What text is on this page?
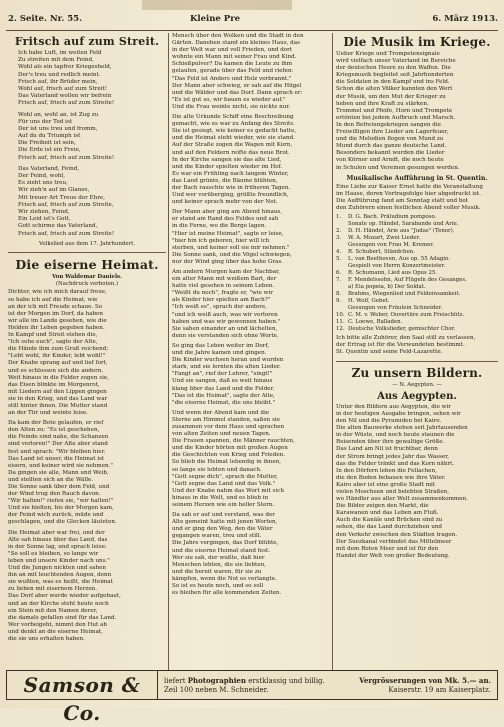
2. Seite. Nr. 55.	Kleine Pre	6. März 1913.
Fritsch auf zum Streit.
Ich habe Luft, im weiten Feld
Zu streiten mit dem Feind,
Wohl als ein tapfrer Kriegesheld,
Der's treu und redlich meint.
Frisch auf, ihr Brüder mein,
Wohl auf, frisch auf zum Streit!
Das Vaterland wollen wir befrein
Frisch auf, frisch auf zum Streite!
Wohl an, wohl an, ist Zug zu
Für uns der Tod ist
Der ist uns treu und fromm,
Auf du du Triumph ist
Die Freiheit ist sein,
Die Erde ist ein Freie,
Frisch auf, frisch auf zum Streite!
Das Vaterland, Feind,
Der Feind, wohl,
Es zieht uns treu,
Wir zieh'n auf im Glanze,
Mit treuer Art Treue der Ehre,
Frisch auf, frisch auf zum Streite,
Wir ziehen, Feind,
Ein Leid ist's Gott,
Gott schirme das Vaterland,
Frisch auf, frisch auf zum Streite!
Volkslied aus dem 17. Jahrhundert.
Die eiserne Heimat.
Von Waldemar Daniels.
(Nachdruck verboten.)
Dichter, wie ich mich darauf freue,
so habe ich auf die Heimat, wie
an der ich mit Freude schaue. So
ist der Morgen im Dorf, da haben
wir alle im Lande gesehen, wie die
Helden ihr Leben gegeben haben.
In Kampf und Streit stehen die,
"Ich sehe euch", sagte der Alte,
die Hände ihm zum Gruß reichend;
"Lebt wohl, ihr Kinder, lebt wohl!"
Der Knabe sprang auf und lief fort,
und es schlossen sich die andern.
Weit hinaus in die Felder zogen sie,
das Eisen blinkte im Morgenrot,
mit Liedern auf den Lippen gingen
sie in den Krieg, und das Land war
still hinter ihnen. Die Mutter stand
an der Tür und weinte leise.
Da kam der Bote gelaufen, er rief
den Alten zu: "Es ist geschehen,
die Feinde sind nahe, die Schanzen
sind verloren!" Der Alte aber stand
fest und sprach: "Wir bleiben hier.
Das Land ist unser, die Heimat ist
eisern, und keiner wird sie nehmen."
Da gingen sie alle, Mann und Weib,
und stellten sich an die Wälle.
Die Sonne sank über dem Feld, und
der Wind trug den Rauch davon.
"Wir halten!" riefen sie, "wir halten!"
Und sie hielten, bis der Morgen kam,
der Feind wich zurück, müde und
geschlagen, und die Glocken läuteten.
Die Heimat aber war frei, und der
Alte sah hinaus über das Land, das
in der Sonne lag, und sprach leise:
"So soll es bleiben, so lange wir
leben und unsere Kinder nach uns."
Und die Jungen nickten und sahen
ihn an mit leuchtenden Augen, denn
sie wußten, was es heißt, die Heimat
zu lieben mit eisernem Herzen.
Das Dorf aber wurde wieder aufgebaut,
und an der Kirche steht heute noch
ein Stein mit den Namen derer,
die damals gefallen sind für das Land.
Wer vorbeigeht, nimmt den Hut ab
und denkt an die eiserne Heimat,
die sie uns erhalten haben.
Mensch über den Wolken und die Stadt in den
Gärten. Daneben stand ein kleines Haus, das
in der Welt war und voll Frieden, und dort
wohnte ein Mann mit seiner Frau und Kind.
Schießpulver? Da kamen die Leute zu ihm
gelaufen, gerade über das Feld und riefen:
"Das Feld ist Anders und Holz verbrannt."
Der Mann aber schwieg, er sah auf die Hügel
und die Wälder und das Dorf. Dann sprach er:
"Es ist gut so, wir bauen es wieder auf."
Und die Frau weinte nicht, sie nickte nur.
Die alte Urkunde Schiff eine Beschreibung
gemacht, wie es war zu Anfang des Streits.
Sie ist gesiegt, wie keiner es gedacht hatte,
und die Heimat steht wieder, wie sie stand.
Auf der Straße zogen die Wagen mit Korn,
und auf den Feldern reifte das neue Brot.
In der Kirche sangen sie das alte Lied,
und die Kinder spielten wieder im Hof.
Es war ein Frühling nach langem Winter,
das Land grünte, die Bäume blühten,
der Bach rauschte wie in früheren Tagen.
Und wer vorüberging, grüßte freundlich,
und keiner sprach mehr von der Not.
Der Mann aber ging am Abend hinaus,
er stand am Rand des Feldes und sah
in die Ferne, wo die Berge lagen.
"Hier ist meine Heimat", sagte er leise,
"hier bin ich geboren, hier will ich
sterben, und keiner soll sie mir nehmen."
Die Sonne sank, und die Vögel schwiegen,
nur der Wind ging über das hohe Gras.
Am andern Morgen kam der Nachbar,
ein alter Mann mit weißem Bart, der
hatte viel gesehen in seinem Leben.
"Weißt du noch", fragte er, "wie wir
als Kinder hier spielten am Bach?"
"Ich weiß es", sprach der andere,
"und ich weiß auch, was wir verloren
haben und was wir gewonnen haben."
Sie sahen einander an und lächelten,
denn sie verstanden sich ohne Worte.
So ging das Leben weiter im Dorf,
und die Jahre kamen und gingen.
Die Kinder wuchsen heran und wurden
stark, und sie lernten die alten Lieder.
"Fangt an", rief der Lehrer, "singt!"
Und sie sangen, daß es weit hinaus
klang über das Land und die Felder.
"Das ist die Heimat", sagte der Alte,
"die eiserne Heimat, die uns bleibt."
Und wenn der Abend kam und die
Sterne am Himmel standen, saßen sie
zusammen vor dem Haus und sprachen
von alten Zeiten und neuen Tagen.
Die Frauen spannen, die Männer rauchten,
und die Kinder hörten mit großen Augen
die Geschichten von Krieg und Frieden.
So blieb die Heimat lebendig in ihnen,
so lange sie lebten und danach.
"Gott segne dich", sprach die Mutter,
"Gott segne das Land und das Volk."
Und der Knabe nahm das Wort mit sich
hinaus in die Welt, und es blieb in
seinem Herzen wie ein heller Stern.
Da sah er auf und verstand, was der
Alte gemeint hatte mit jenen Worten,
und er ging den Weg, den die Väter
gegangen waren, treu und still.
Die Jahre vergingen, das Dorf blühte,
und die eiserne Heimat stand fest.
Wer sie sah, der wußte, daß hier
Menschen lebten, die sie liebten,
und die bereit waren, für sie zu
kämpfen, wenn die Not es verlangte.
So ist es heute noch, und so soll
es bleiben für alle kommenden Zeiten.
Die Musik im Kriege.
Ueber Kriege und Trompetensignale
wird vielfach unser Vaterland im Bereiche
der deutschen Heere zu den Waffen. Die
Kriegsmusik begleitet seit Jahrhunderten
die Soldaten in den Kampf und ins Feld.
Schon die alten Völker kannten den Wert
der Musik, um den Mut der Krieger zu
heben und ihre Kraft zu stärken.
Trommel und Pfeife, Horn und Trompete
ertönten bei jedem Aufbruch und Marsch.
In den Befreiungskriegen sangen die
Freiwilligen ihre Lieder am Lagerfeuer,
und die Melodien flogen von Mund zu
Mund durch das ganze deutsche Land.
Besonders bekannt wurden die Lieder
von Körner und Arndt, die noch heute
in Schulen und Vereinen gesungen werden.
Musikalische Aufführung in St. Quentin.
Eine Liebe zur Kaiser Ernst hatte die Veranstaltung
im Hause, deren Vortragsfolge hier abgedruckt ist.
Die Aufführung fand am Sonntag statt und bot
den Zuhörern einen festlichen Abend voller Musik.
1.	D. G. Bach. Präludium pomposo.
Sonate op. Händel, Sarabande und Arie.
2.	D. H. Händel, Arie aus "Judas" (Tenor).
3.	W. A. Mozart, Zwei Lieder.
Gesungen von Frau M. Kremer.
4.	R. Schubert, Ständchen.
5.	L. van Beethoven, Aus op. 55 Adagio.
Gespielt von Herrn Konzertmeister.
6.	R. Schumann, Lied aus Opus 25.
7.	F. Mendelssohn, Auf Flügeln des Gesanges.
a) Eia popeia, b) Der Soldat.
8.	Brahms, Wiegenlied und Feldeinsamkeit.
9.	H. Wolf, Gebet.
Gesungen von Fräulein Schneider.
10. C. M. v. Weber, Ouvertüre zum Freischütz.
11. C. Loewe, Balladen.
12. Deutsche Volkslieder, gemischter Chor.
Ich bitte alle Zuhörer, den Saal still zu verlassen,
der Ertrag ist für die Verwundeten bestimmt.
St. Quentin und seine Feld-Lazarette.
Zu unsern Bildern.
— N. Aegypten. —
Aus Aegypten.
Unter den Bildern aus Aegypten, die wir
in der heutigen Ausgabe bringen, sehen wir
den Nil und die Pyramiden bei Kairo.
Die alten Bauwerke stehen seit Jahrtausenden
in der Wüste, und noch heute staunen die
Reisenden über ihre gewaltige Größe.
Das Land am Nil ist fruchtbar, denn
der Strom bringt jedes Jahr das Wasser,
das die Felder tränkt und das Korn nährt.
In den Dörfern leben die Fellachen,
die den Boden bebauen wie ihre Väter.
Kairo aber ist eine große Stadt mit
vielen Moscheen und belebten Straßen,
wo Händler aus aller Welt zusammenkommen.
Die Bilder zeigen den Markt, die
Karawanen und das Leben am Fluß.
Auch die Kanäle und Brücken sind zu
sehen, die das Land durchziehen und
den Verkehr zwischen den Städten tragen.
Der Suezkanal verbindet das Mittelmeer
mit dem Roten Meer und ist für den
Handel der Welt von großer Bedeutung.
Samson & Co.
liefert Photographien erstklassig und billig.	Vergrösserungen von Mk. 5.— an.
Zeil 100 neben M. Schneider.	Kaiserstr. 19 am Kaiserplatz.
